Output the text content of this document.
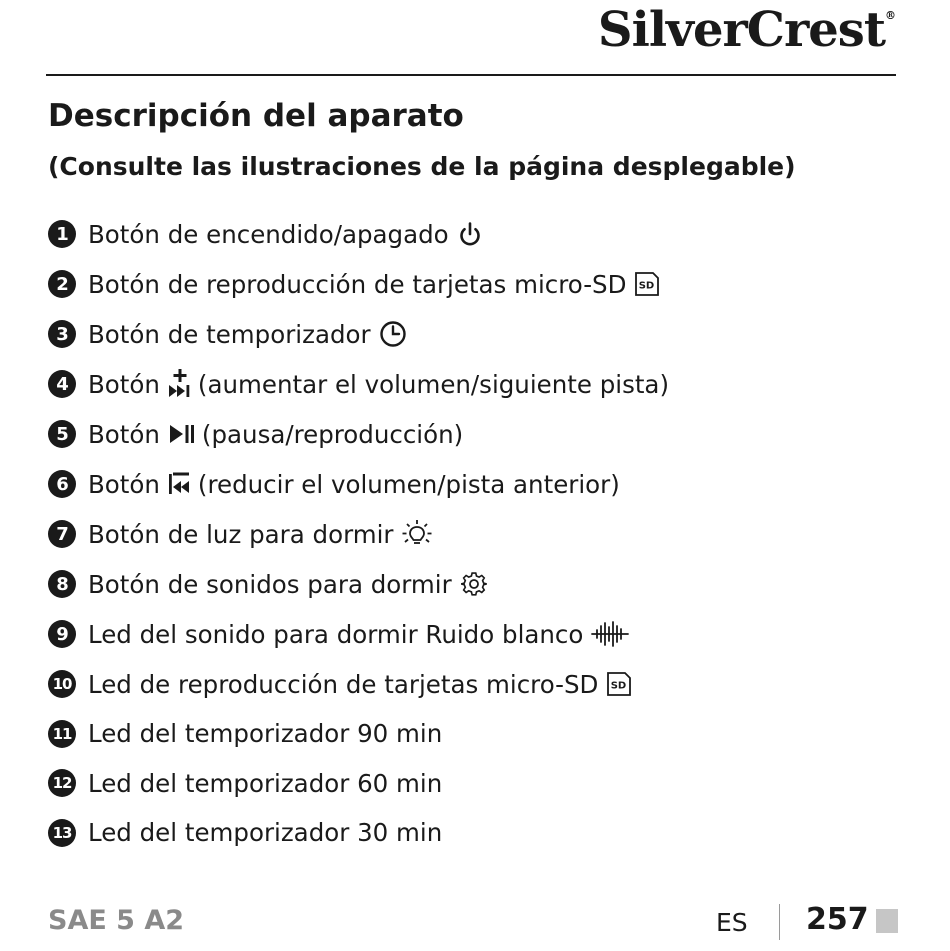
SilverCrest®
Descripción del aparato
(Consulte las ilustraciones de la página desplegable)
1 Botón de encendido/apagado
2 Botón de reproducción de tarjetas micro-SD SD
3 Botón de temporizador
4 Botón (aumentar el volumen/siguiente pista)
5 Botón (pausa/reproducción)
6 Botón (reducir el volumen/pista anterior)
7 Botón de luz para dormir
8 Botón de sonidos para dormir
9 Led del sonido para dormir Ruido blanco
10 Led de reproducción de tarjetas micro-SD SD
11 Led del temporizador 90 min
12 Led del temporizador 60 min
13 Led del temporizador 30 min
SAE 5 A2	ES 257
